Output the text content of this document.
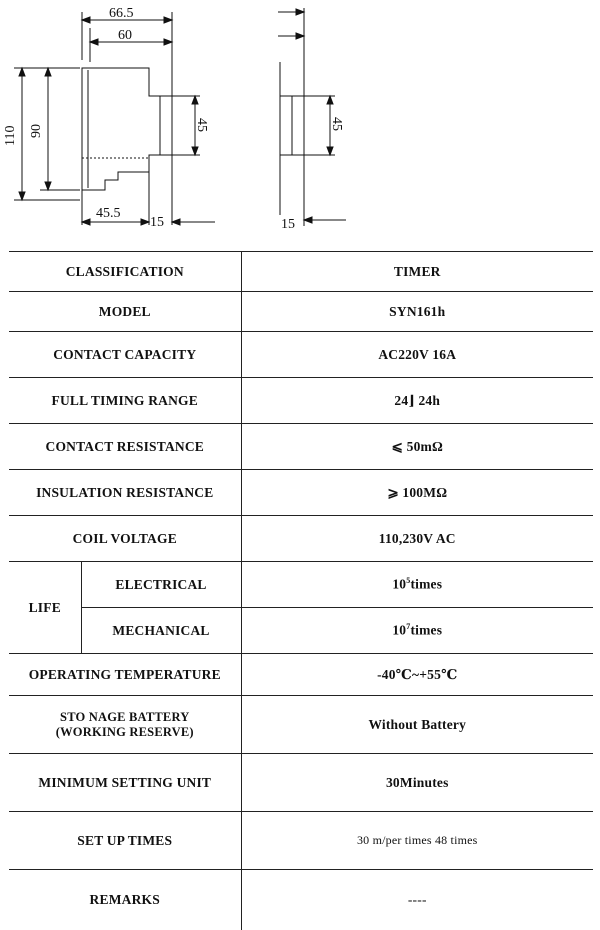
66.5
60
110 90	45
45.5
15
45
15
CLASSIFICATION		TIMER
MODEL		SYN161h
CONTACT CAPACITY		AC220V 16A
FULL TIMING RANGE		24⌋ 24h
CONTACT RESISTANCE		⩽ 50mΩ
INSULATION RESISTANCE		⩾ 100MΩ
COIL VOLTAGE		110,230V AC
LIFE	ELECTRICAL	$10^5times$
	MECHANICAL	$10^7times$
OPERATING TEMPERATURE		-40℃~+55℃

STO NAGE BATTERY
(WORKING RESERVE)		Without Battery
MINIMUM SETTING UNIT		30Minutes
SET UP TIMES		30 m/per times 48 times
REMARKS		----
